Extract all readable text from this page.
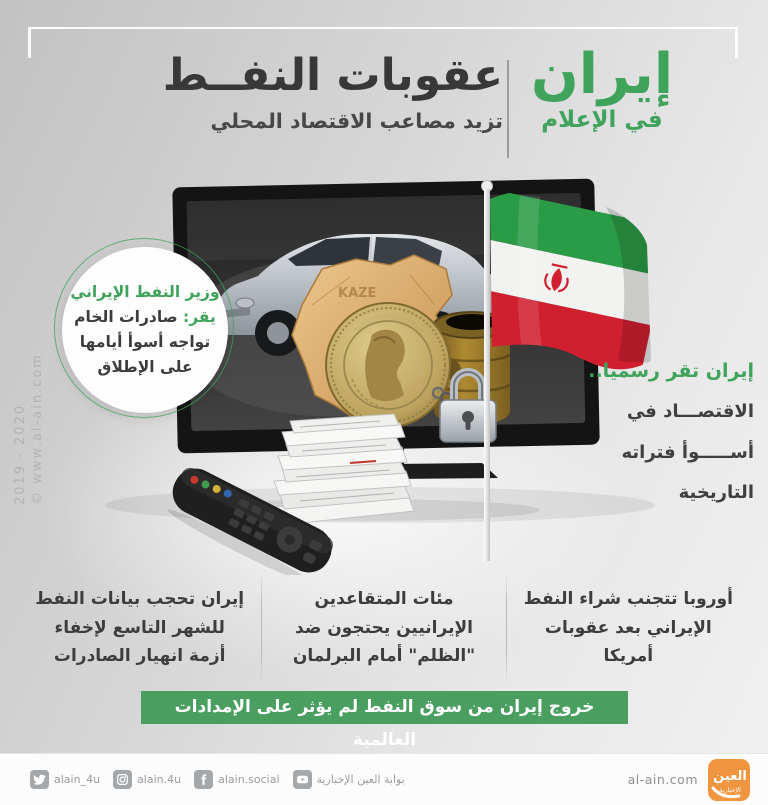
© www.al-ain.com
2019 - 2020
إيران
في الإعلام
عقوبات النفــط
تزيد مصاعب الاقتصاد المحلي
KAZE
وزير النفط الإيراني
يقر: صادرات الخام
تواجه أسوأ أيامها
على الإطلاق	إيران تقر رسميا..
الاقتصـــاد في
أســـــوأ فتراته
التاريخية
أوروبا تتجنب شراء النفط الإيراني بعد عقوبات أمريكا
مئات المتقاعدين الإيرانيين يحتجون ضد "الظلم" أمام البرلمان
إيران تحجب بيانات النفط للشهر التاسع لإخفاء أزمة انهيار الصادرات
خروج إيران من سوق النفط لم يؤثر على الإمدادات العالمية
alain_4u	alain.4u	alain.social	بوابة العين الإخبارية	al-ain.com العين
الإخبارية
